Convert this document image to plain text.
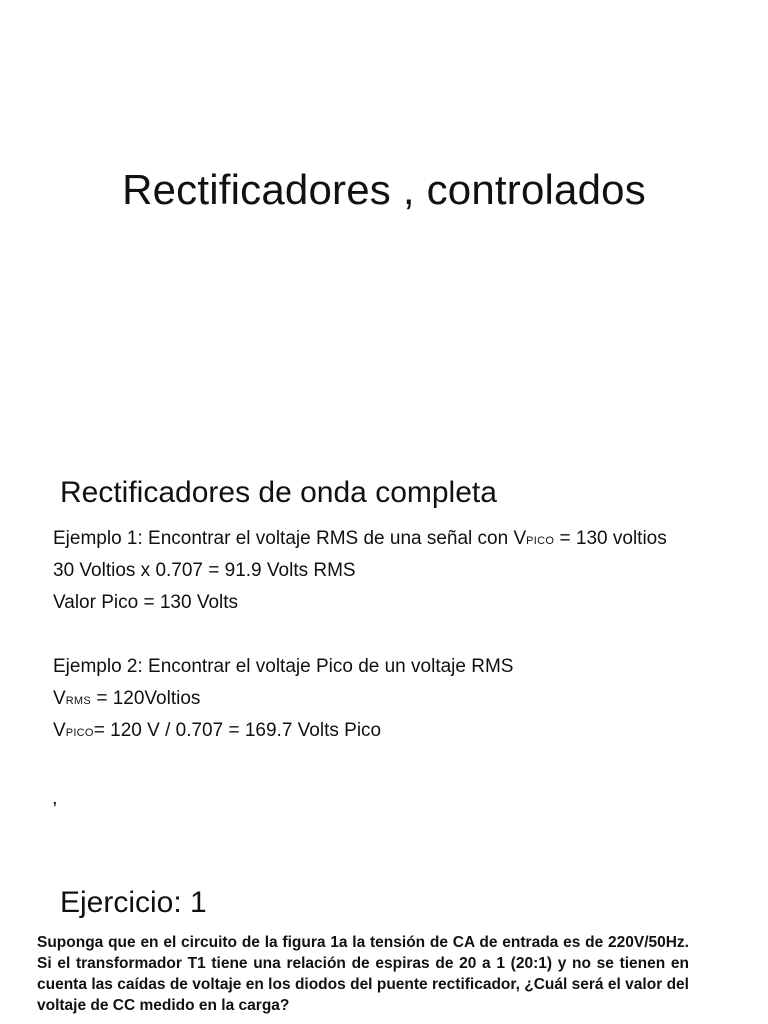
Rectificadores , controlados
Rectificadores de onda completa
Ejemplo 1: Encontrar el voltaje RMS de una señal con VPICO = 130 voltios
30 Voltios x 0.707 = 91.9 Volts RMS
Valor Pico = 130 Volts
Ejemplo 2: Encontrar el voltaje Pico de un voltaje RMS
VRMS = 120Voltios
VPICO= 120 V / 0.707 = 169.7 Volts Pico
,
Ejercicio: 1
Suponga que en el circuito de la figura 1a la tensión de CA de entrada es de 220V/50Hz. Si el transformador T1 tiene una relación de espiras de 20 a 1 (20:1) y no se tienen en cuenta las caídas de voltaje en los diodos del puente rectificador, ¿Cuál será el valor del voltaje de CC medido en la carga?
